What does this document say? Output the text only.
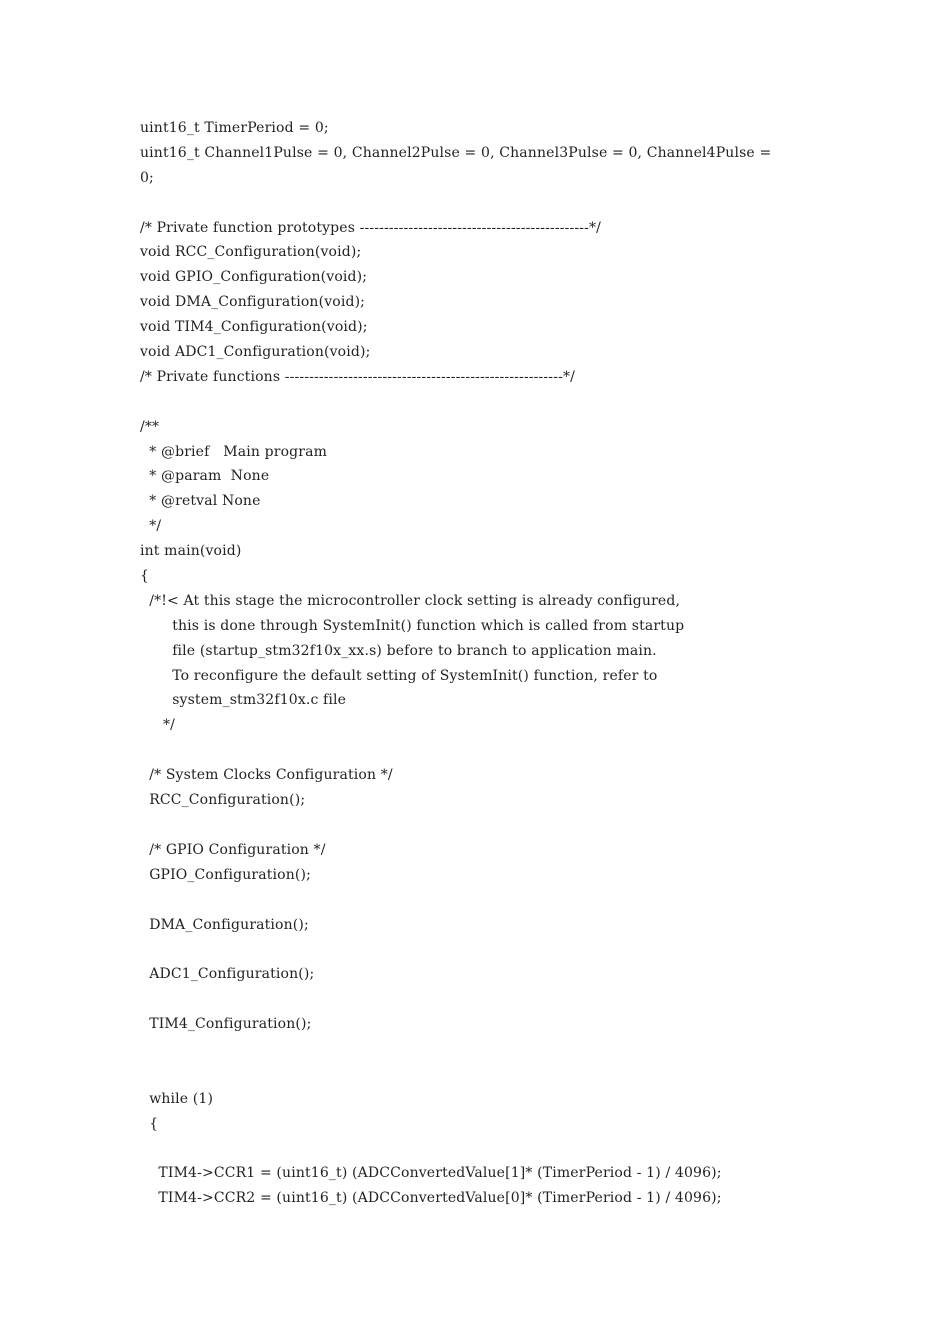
uint16_t TimerPeriod = 0;
uint16_t Channel1Pulse = 0, Channel2Pulse = 0, Channel3Pulse = 0, Channel4Pulse =
0;
/* Private function prototypes -----------------------------------------------*/
void RCC_Configuration(void);
void GPIO_Configuration(void);
void DMA_Configuration(void);
void TIM4_Configuration(void);
void ADC1_Configuration(void);
/* Private functions ---------------------------------------------------------*/
/**
* @brief   Main program
* @param  None
* @retval None
*/
int main(void)
{
/*!< At this stage the microcontroller clock setting is already configured,
this is done through SystemInit() function which is called from startup
file (startup_stm32f10x_xx.s) before to branch to application main.
To reconfigure the default setting of SystemInit() function, refer to
system_stm32f10x.c file
*/
/* System Clocks Configuration */
RCC_Configuration();
/* GPIO Configuration */
GPIO_Configuration();
DMA_Configuration();
ADC1_Configuration();
TIM4_Configuration();
while (1)
{
TIM4->CCR1 = (uint16_t) (ADCConvertedValue[1]* (TimerPeriod - 1) / 4096);
TIM4->CCR2 = (uint16_t) (ADCConvertedValue[0]* (TimerPeriod - 1) / 4096);
